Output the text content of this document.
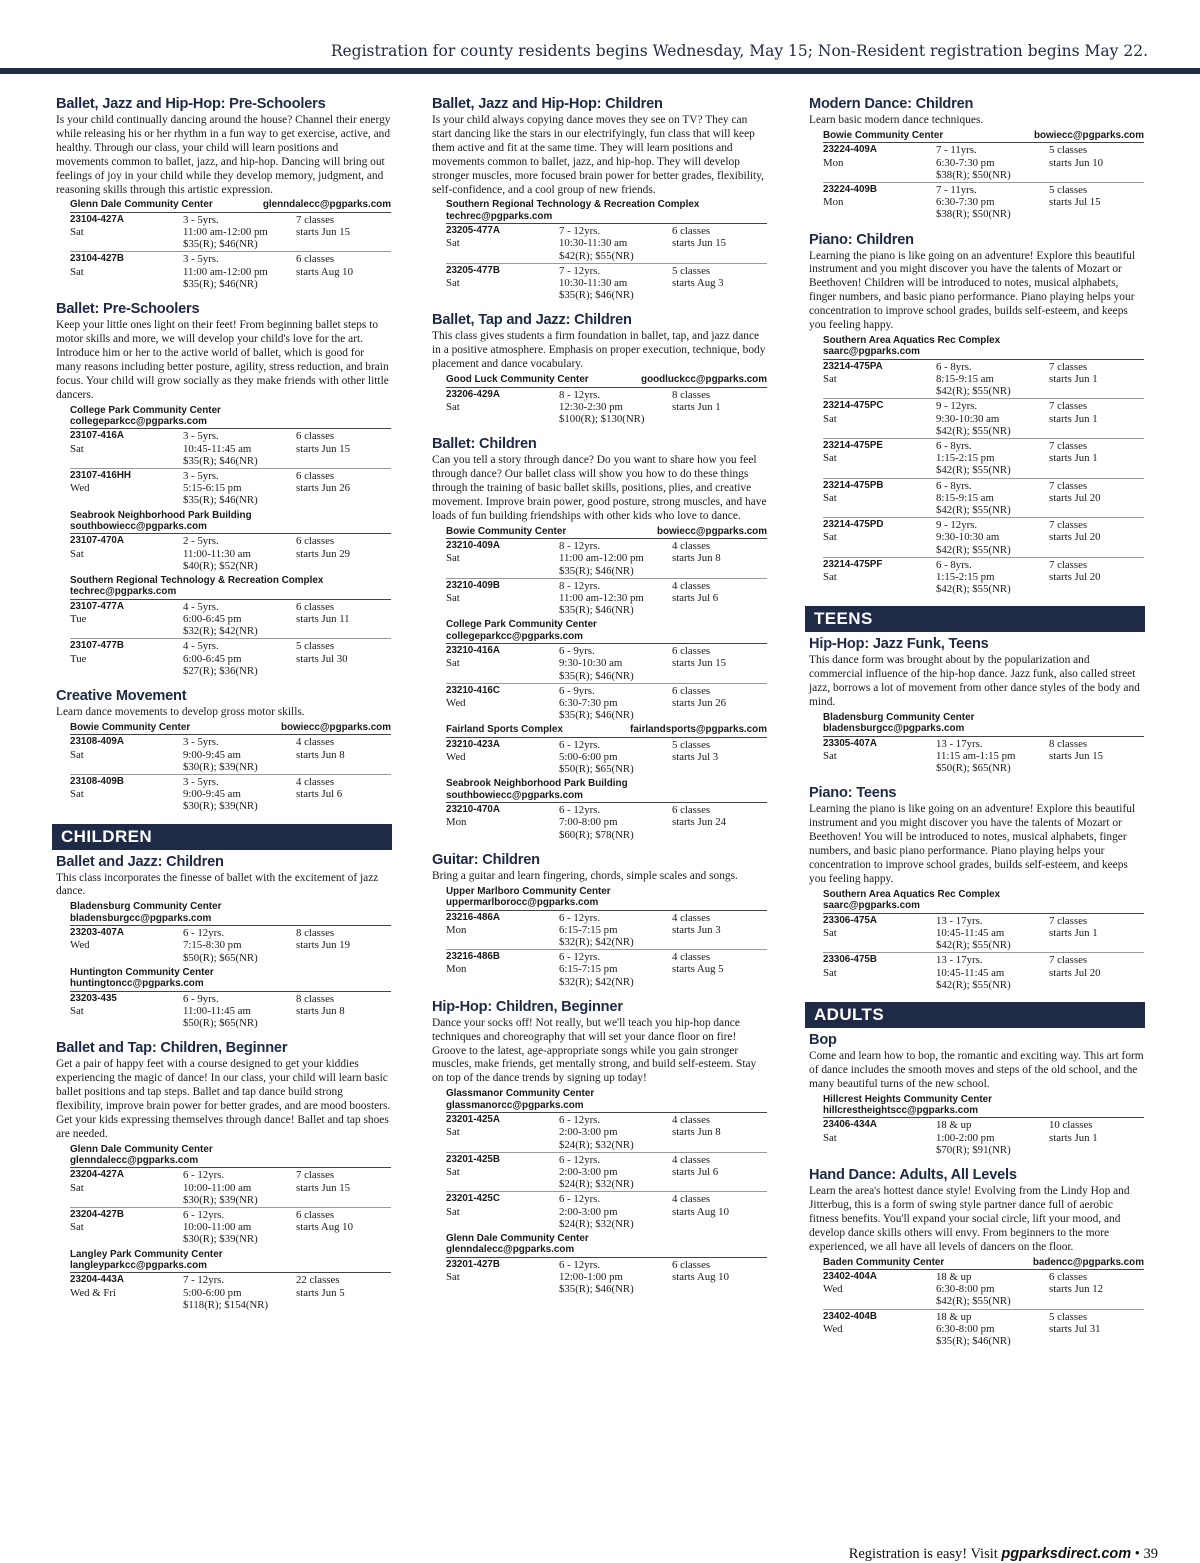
Registration for county residents begins Wednesday, May 15; Non-Resident registration begins May 22.
Ballet, Jazz and Hip-Hop: Pre-Schoolers
Is your child continually dancing around the house? Channel their energy while releasing his or her rhythm in a fun way to get exercise, active, and healthy. Through our class, your child will learn positions and movements common to ballet, jazz, and hip-hop. Dancing will bring out feelings of joy in your child while they develop memory, judgment, and reasoning skills through this artistic expression.
Glenn Dale Community Center	glenndalecc@pgparks.com
23104-427A	3 - 5yrs.	7 classes
Sat	11:00 am-12:00 pm	starts Jun 15
$35(R); $46(NR)
23104-427B	3 - 5yrs.	6 classes
Sat	11:00 am-12:00 pm	starts Aug 10
$35(R); $46(NR)
Ballet: Pre-Schoolers
Keep your little ones light on their feet! From beginning ballet steps to motor skills and more, we will develop your child's love for the art. Introduce him or her to the active world of ballet, which is good for many reasons including better posture, agility, stress reduction, and brain focus. Your child will grow socially as they make friends with other little dancers.
College Park Community Center
collegeparkcc@pgparks.com
23107-416A	3 - 5yrs.	6 classes
Sat	10:45-11:45 am	starts Jun 15
$35(R); $46(NR)
23107-416HH	3 - 5yrs.	6 classes
Wed	5:15-6:15 pm	starts Jun 26
$35(R); $46(NR)
Seabrook Neighborhood Park Building
southbowiecc@pgparks.com
23107-470A	2 - 5yrs.	6 classes
Sat	11:00-11:30 am	starts Jun 29
$40(R); $52(NR)
Southern Regional Technology & Recreation Complex
techrec@pgparks.com
23107-477A	4 - 5yrs.	6 classes
Tue	6:00-6:45 pm	starts Jun 11
$32(R); $42(NR)
23107-477B	4 - 5yrs.	5 classes
Tue	6:00-6:45 pm	starts Jul 30
$27(R); $36(NR)
Creative Movement
Learn dance movements to develop gross motor skills.
Bowie Community Center	bowiecc@pgparks.com
23108-409A	3 - 5yrs.	4 classes
Sat	9:00-9:45 am	starts Jun 8
$30(R); $39(NR)
23108-409B	3 - 5yrs.	4 classes
Sat	9:00-9:45 am	starts Jul 6
$30(R); $39(NR)
CHILDREN
Ballet and Jazz: Children
This class incorporates the finesse of ballet with the excitement of jazz dance.
Bladensburg Community Center
bladensburgcc@pgparks.com
23203-407A	6 - 12yrs.	8 classes
Wed	7:15-8:30 pm	starts Jun 19
$50(R); $65(NR)
Huntington Community Center
huntingtoncc@pgparks.com
23203-435	6 - 9yrs.	8 classes
Sat	11:00-11:45 am	starts Jun 8
$50(R); $65(NR)
Ballet and Tap: Children, Beginner
Get a pair of happy feet with a course designed to get your kiddies experiencing the magic of dance! In our class, your child will learn basic ballet positions and tap steps. Ballet and tap dance build strong flexibility, improve brain power for better grades, and are mood boosters. Get your kids expressing themselves through dance! Ballet and tap shoes are needed.
Glenn Dale Community Center
glenndalecc@pgparks.com
23204-427A	6 - 12yrs.	7 classes
Sat	10:00-11:00 am	starts Jun 15
$30(R); $39(NR)
23204-427B	6 - 12yrs.	6 classes
Sat	10:00-11:00 am	starts Aug 10
$30(R); $39(NR)
Langley Park Community Center
langleyparkcc@pgparks.com
23204-443A	7 - 12yrs.	22 classes
Wed & Fri	5:00-6:00 pm	starts Jun 5
$118(R); $154(NR)
Ballet, Jazz and Hip-Hop: Children
Is your child always copying dance moves they see on TV? They can start dancing like the stars in our electrifyingly, fun class that will keep them active and fit at the same time. They will learn positions and movements common to ballet, jazz, and hip-hop. They will develop stronger muscles, more focused brain power for better grades, flexibility, self-confidence, and a cool group of new friends.
Southern Regional Technology & Recreation Complex
techrec@pgparks.com
23205-477A	7 - 12yrs.	6 classes
Sat	10:30-11:30 am	starts Jun 15
$42(R); $55(NR)
23205-477B	7 - 12yrs.	5 classes
Sat	10:30-11:30 am	starts Aug 3
$35(R); $46(NR)
Ballet, Tap and Jazz: Children
This class gives students a firm foundation in ballet, tap, and jazz dance in a positive atmosphere. Emphasis on proper execution, technique, body placement and dance vocabulary.
Good Luck Community Center	goodluckcc@pgparks.com
23206-429A	8 - 12yrs.	8 classes
Sat	12:30-2:30 pm	starts Jun 1
$100(R); $130(NR)
Ballet: Children
Can you tell a story through dance? Do you want to share how you feel through dance? Our ballet class will show you how to do these things through the training of basic ballet skills, positions, plies, and creative movement. Improve brain power, good posture, strong muscles, and have loads of fun building friendships with other kids who love to dance.
Bowie Community Center	bowiecc@pgparks.com
23210-409A	8 - 12yrs.	4 classes
Sat	11:00 am-12:00 pm	starts Jun 8
$35(R); $46(NR)
23210-409B	8 - 12yrs.	4 classes
Sat	11:00 am-12:30 pm	starts Jul 6
$35(R); $46(NR)
College Park Community Center
collegeparkcc@pgparks.com
23210-416A	6 - 9yrs.	6 classes
Sat	9:30-10:30 am	starts Jun 15
$35(R); $46(NR)
23210-416C	6 - 9yrs.	6 classes
Wed	6:30-7:30 pm	starts Jun 26
$35(R); $46(NR)
Fairland Sports Complex	fairlandsports@pgparks.com
23210-423A	6 - 12yrs.	5 classes
Wed	5:00-6:00 pm	starts Jul 3
$50(R); $65(NR)
Seabrook Neighborhood Park Building
southbowiecc@pgparks.com
23210-470A	6 - 12yrs.	6 classes
Mon	7:00-8:00 pm	starts Jun 24
$60(R); $78(NR)
Guitar: Children
Bring a guitar and learn fingering, chords, simple scales and songs.
Upper Marlboro Community Center
uppermarlborocc@pgparks.com
23216-486A	6 - 12yrs.	4 classes
Mon	6:15-7:15 pm	starts Jun 3
$32(R); $42(NR)
23216-486B	6 - 12yrs.	4 classes
Mon	6:15-7:15 pm	starts Aug 5
$32(R); $42(NR)
Hip-Hop: Children, Beginner
Dance your socks off! Not really, but we'll teach you hip-hop dance techniques and choreography that will set your dance floor on fire! Groove to the latest, age-appropriate songs while you gain stronger muscles, make friends, get mentally strong, and build self-esteem. Stay on top of the dance trends by signing up today!
Glassmanor Community Center
glassmanorcc@pgparks.com
23201-425A	6 - 12yrs.	4 classes
Sat	2:00-3:00 pm	starts Jun 8
$24(R); $32(NR)
23201-425B	6 - 12yrs.	4 classes
Sat	2:00-3:00 pm	starts Jul 6
$24(R); $32(NR)
23201-425C	6 - 12yrs.	4 classes
Sat	2:00-3:00 pm	starts Aug 10
$24(R); $32(NR)
Glenn Dale Community Center
glenndalecc@pgparks.com
23201-427B	6 - 12yrs.	6 classes
Sat	12:00-1:00 pm	starts Aug 10
$35(R); $46(NR)
Modern Dance: Children
Learn basic modern dance techniques.
Bowie Community Center	bowiecc@pgparks.com
23224-409A	7 - 11yrs.	5 classes
Mon	6:30-7:30 pm	starts Jun 10
$38(R); $50(NR)
23224-409B	7 - 11yrs.	5 classes
Mon	6:30-7:30 pm	starts Jul 15
$38(R); $50(NR)
Piano: Children
Learning the piano is like going on an adventure! Explore this beautiful instrument and you might discover you have the talents of Mozart or Beethoven! Children will be introduced to notes, musical alphabets, finger numbers, and basic piano performance. Piano playing helps your concentration to improve school grades, builds self-esteem, and keeps you feeling happy.
Southern Area Aquatics Rec Complex
saarc@pgparks.com
23214-475PA	6 - 8yrs.	7 classes
Sat	8:15-9:15 am	starts Jun 1
$42(R); $55(NR)
23214-475PC	9 - 12yrs.	7 classes
Sat	9:30-10:30 am	starts Jun 1
$42(R); $55(NR)
23214-475PE	6 - 8yrs.	7 classes
Sat	1:15-2:15 pm	starts Jun 1
$42(R); $55(NR)
23214-475PB	6 - 8yrs.	7 classes
Sat	8:15-9:15 am	starts Jul 20
$42(R); $55(NR)
23214-475PD	9 - 12yrs.	7 classes
Sat	9:30-10:30 am	starts Jul 20
$42(R); $55(NR)
23214-475PF	6 - 8yrs.	7 classes
Sat	1:15-2:15 pm	starts Jul 20
$42(R); $55(NR)
TEENS
Hip-Hop: Jazz Funk, Teens
This dance form was brought about by the popularization and commercial influence of the hip-hop dance. Jazz funk, also called street jazz, borrows a lot of movement from other dance styles of the body and mind.
Bladensburg Community Center
bladensburgcc@pgparks.com
23305-407A	13 - 17yrs.	8 classes
Sat	11:15 am-1:15 pm	starts Jun 15
$50(R); $65(NR)
Piano: Teens
Learning the piano is like going on an adventure! Explore this beautiful instrument and you might discover you have the talents of Mozart or Beethoven! You will be introduced to notes, musical alphabets, finger numbers, and basic piano performance. Piano playing helps your concentration to improve school grades, builds self-esteem, and keeps you feeling happy.
Southern Area Aquatics Rec Complex
saarc@pgparks.com
23306-475A	13 - 17yrs.	7 classes
Sat	10:45-11:45 am	starts Jun 1
$42(R); $55(NR)
23306-475B	13 - 17yrs.	7 classes
Sat	10:45-11:45 am	starts Jul 20
$42(R); $55(NR)
ADULTS
Bop
Come and learn how to bop, the romantic and exciting way. This art form of dance includes the smooth moves and steps of the old school, and the many beautiful turns of the new school.
Hillcrest Heights Community Center
hillcrestheightscc@pgparks.com
23406-434A	18 & up	10 classes
Sat	1:00-2:00 pm	starts Jun 1
$70(R); $91(NR)
Hand Dance: Adults, All Levels
Learn the area's hottest dance style! Evolving from the Lindy Hop and Jitterbug, this is a form of swing style partner dance full of aerobic fitness benefits. You'll expand your social circle, lift your mood, and develop dance skills others will envy. From beginners to the more experienced, we all have all levels of dancers on the floor.
Baden Community Center	badencc@pgparks.com
23402-404A	18 & up	6 classes
Wed	6:30-8:00 pm	starts Jun 12
$42(R); $55(NR)
23402-404B	18 & up	5 classes
Wed	6:30-8:00 pm	starts Jul 31
$35(R); $46(NR)
Registration is easy! Visit pgparksdirect.com • 39
